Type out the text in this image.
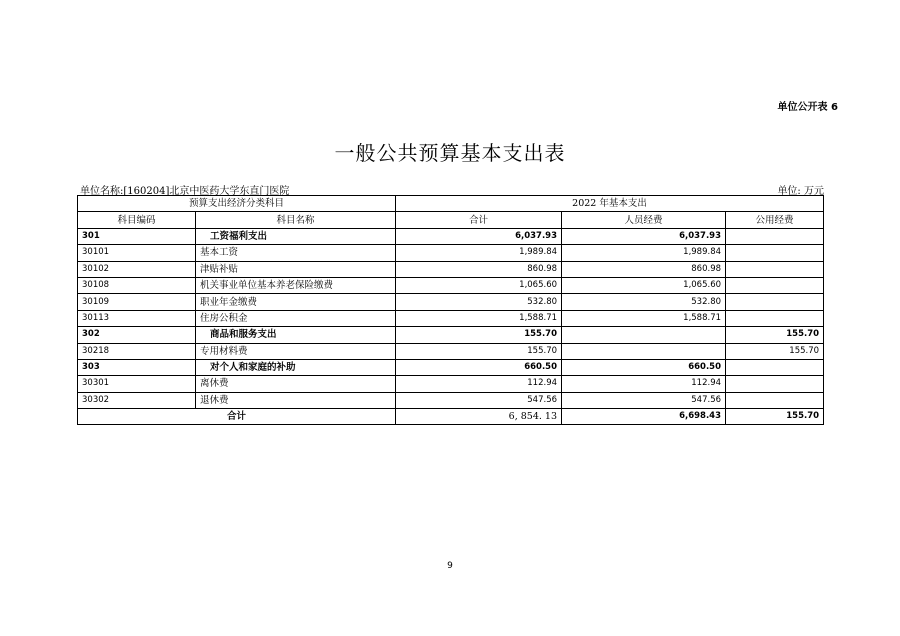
单位公开表 6
一般公共预算基本支出表
单位名称:[160204]北京中医药大学东直门医院	单位: 万元
预算支出经济分类科目		2022 年基本支出		
科目编码	科目名称	合计	人员经费	公用经费
301	工资福利支出	6,037.93	6,037.93	
30101	基本工资	1,989.84	1,989.84	
30102	津贴补贴	860.98	860.98	
30108	机关事业单位基本养老保险缴费	1,065.60	1,065.60	
30109	职业年金缴费	532.80	532.80	
30113	住房公积金	1,588.71	1,588.71	
302	商品和服务支出	155.70		155.70
30218	专用材料费	155.70		155.70
303	对个人和家庭的补助	660.50	660.50	
30301	离休费	112.94	112.94	
30302	退休费	547.56	547.56	
合计		6, 854. 13	6,698.43	155.70
9
